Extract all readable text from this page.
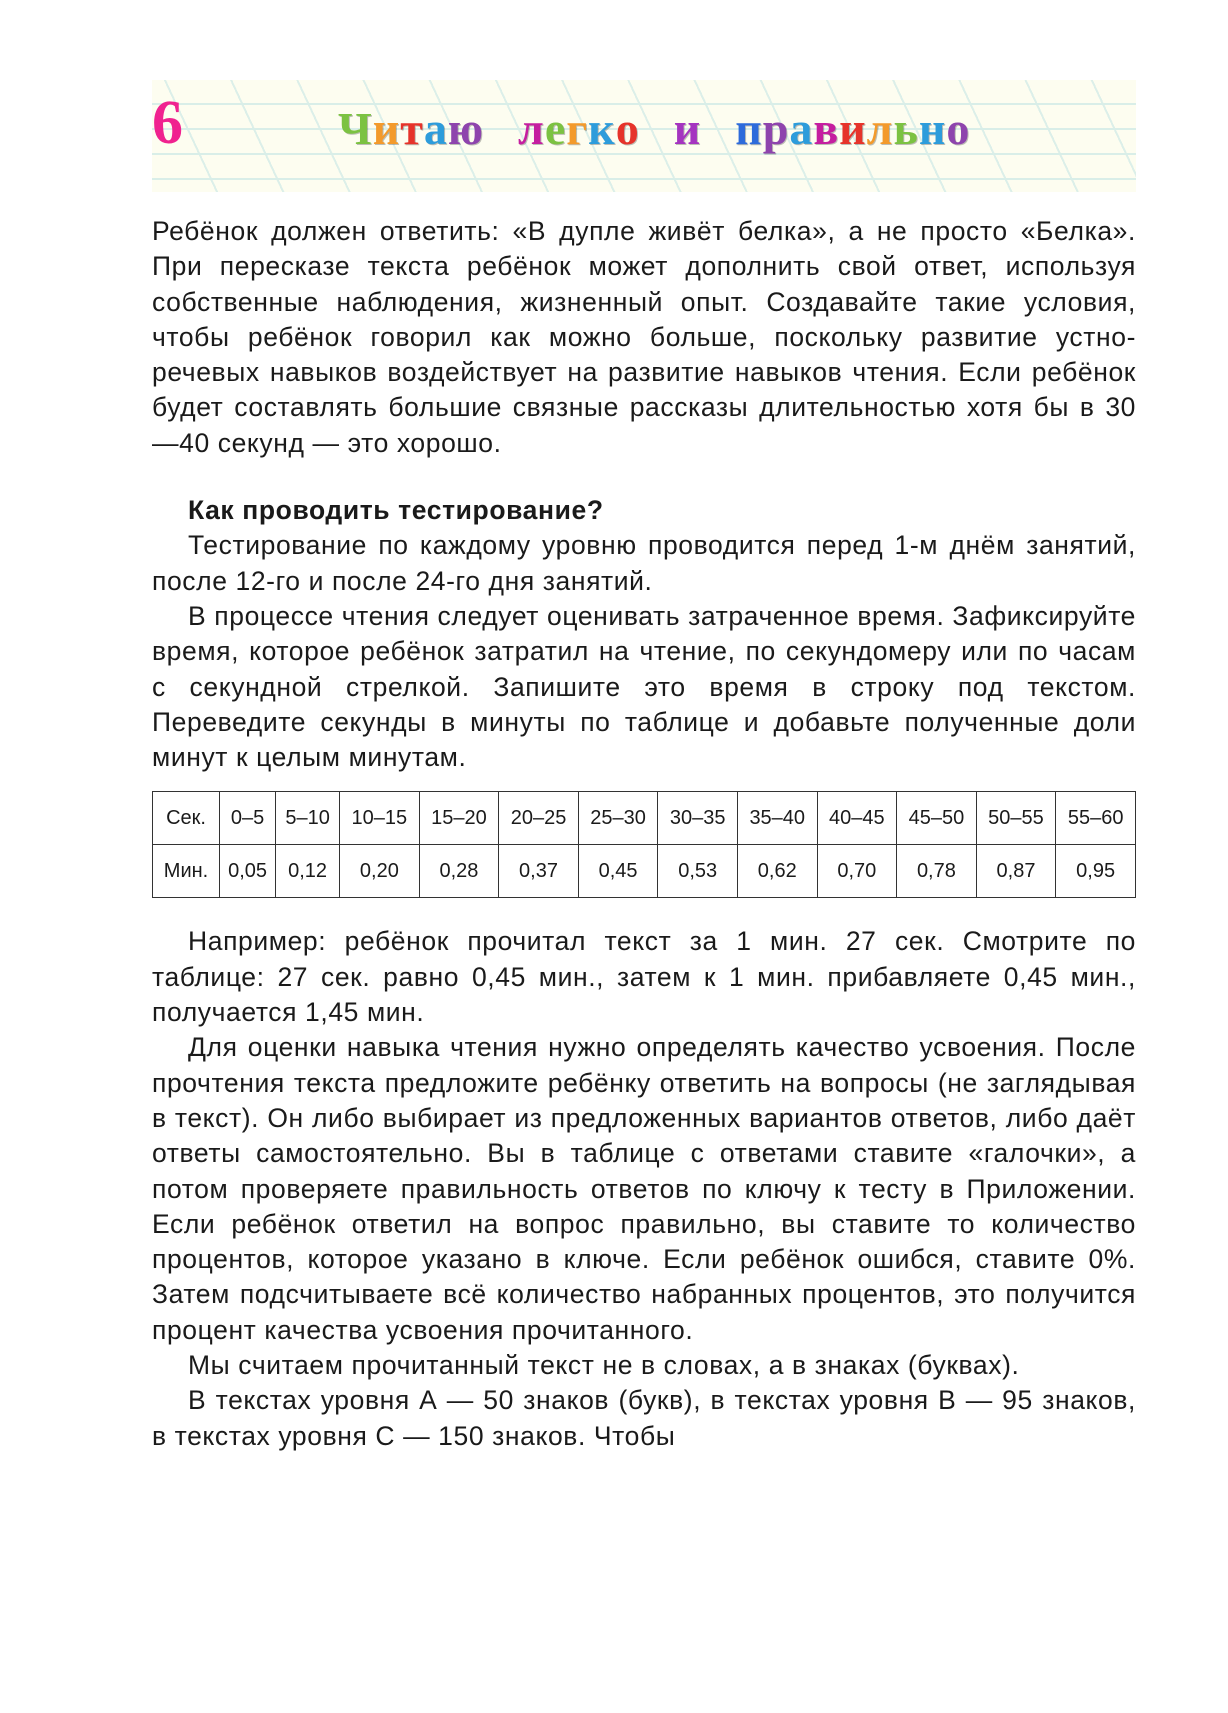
6	Читаю легко и правильно

Ребёнок должен ответить: «В дупле живёт белка», а не просто «Белка». При пересказе текста ребёнок может дополнить свой ответ, используя собственные наблюдения, жизненный опыт. Создавайте такие условия, чтобы ребёнок говорил как можно больше, поскольку развитие устно-речевых навыков воздействует на развитие навыков чтения. Если ребёнок будет составлять большие связные рассказы длительностью хотя бы в 30—40 секунд — это хорошо.

Как проводить тестирование?

Тестирование по каждому уровню проводится перед 1-м днём занятий, после 12-го и после 24-го дня занятий.

В процессе чтения следует оценивать затраченное время. Зафиксируйте время, которое ребёнок затратил на чтение, по секундомеру или по часам с секундной стрелкой. Запишите это время в строку под текстом. Переведите секунды в минуты по таблице и добавьте полученные доли минут к целым минутам.

Сек.	0–5	5–10	10–15	15–20	20–25	25–30	30–35	35–40	40–45	45–50	50–55	55–60
Мин.	0,05	0,12	0,20	0,28	0,37	0,45	0,53	0,62	0,70	0,78	0,87	0,95

Например: ребёнок прочитал текст за 1 мин. 27 сек. Смотрите по таблице: 27 сек. равно 0,45 мин., затем к 1 мин. прибавляете 0,45 мин., получается 1,45 мин.

Для оценки навыка чтения нужно определять качество усвоения. После прочтения текста предложите ребёнку ответить на вопросы (не заглядывая в текст). Он либо выбирает из предложенных вариантов ответов, либо даёт ответы самостоятельно. Вы в таблице с ответами ставите «галочки», а потом проверяете правильность ответов по ключу к тесту в Приложении. Если ребёнок ответил на вопрос правильно, вы ставите то количество процентов, которое указано в ключе. Если ребёнок ошибся, ставите 0%. Затем подсчитываете всё количество набранных процентов, это получится процент качества усвоения прочитанного.

Мы считаем прочитанный текст не в словах, а в знаках (буквах).

В текстах уровня А — 50 знаков (букв), в текстах уровня В — 95 знаков, в текстах уровня С — 150 знаков. Чтобы
